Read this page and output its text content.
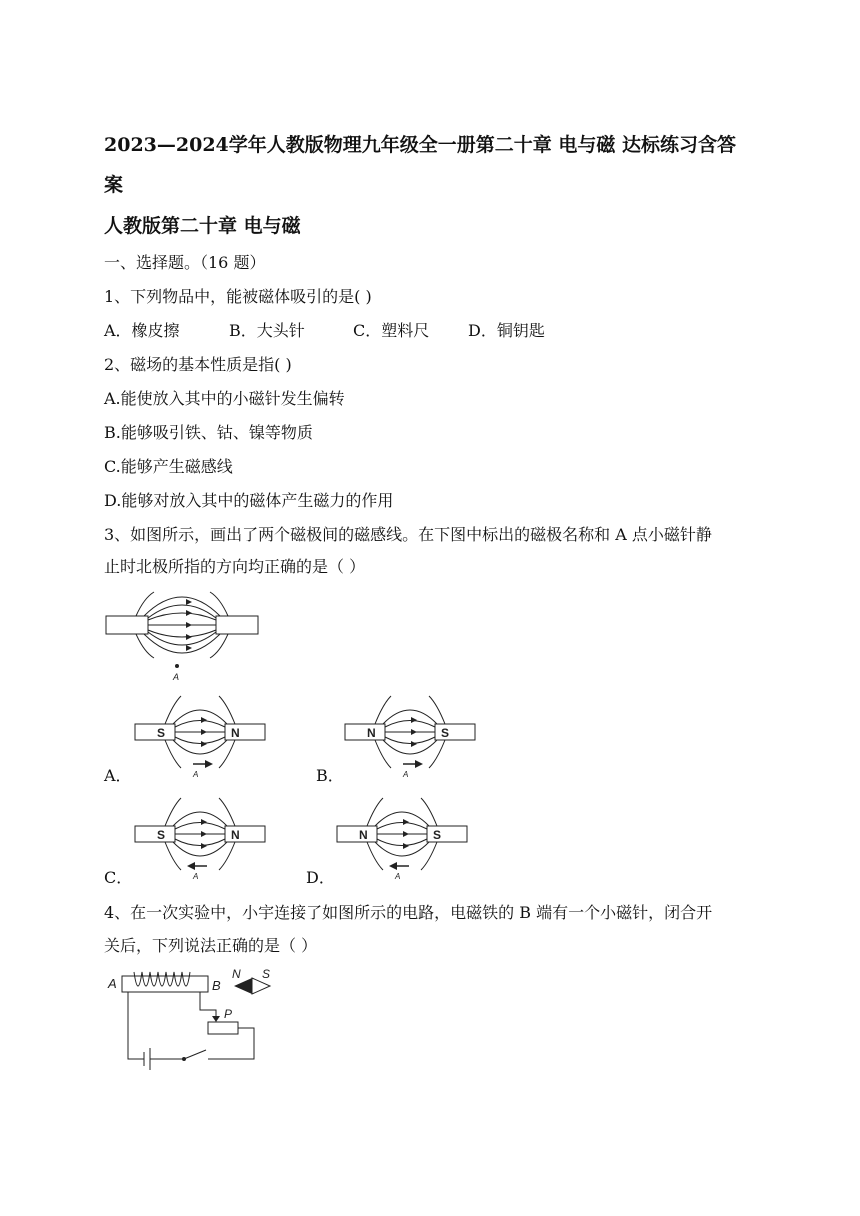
2023—2024学年人教版物理九年级全一册第二十章 电与磁 达标练习含答
案
人教版第二十章 电与磁
一、选择题。（16 题）
1、下列物品中，能被磁体吸引的是( )
A．橡皮擦	B．大头针	C．塑料尺 D．铜钥匙
2、磁场的基本性质是指( )
A.能使放入其中的小磁针发生偏转
B.能够吸引铁、钴、镍等物质
C.能够产生磁感线
D.能够对放入其中的磁体产生磁力的作用
3、如图所示，画出了两个磁极间的磁感线。在下图中标出的磁极名称和 A 点小磁针静
止时北极所指的方向均正确的是（ ）
A
S	N
A
A．
N	S
A
B．
S	N
A
C．
N	S
A
D．
4、在一次实验中，小宇连接了如图所示的电路，电磁铁的 B 端有一个小磁针，闭合开
关后，下列说法正确的是（ ）
A	B
P
N S
